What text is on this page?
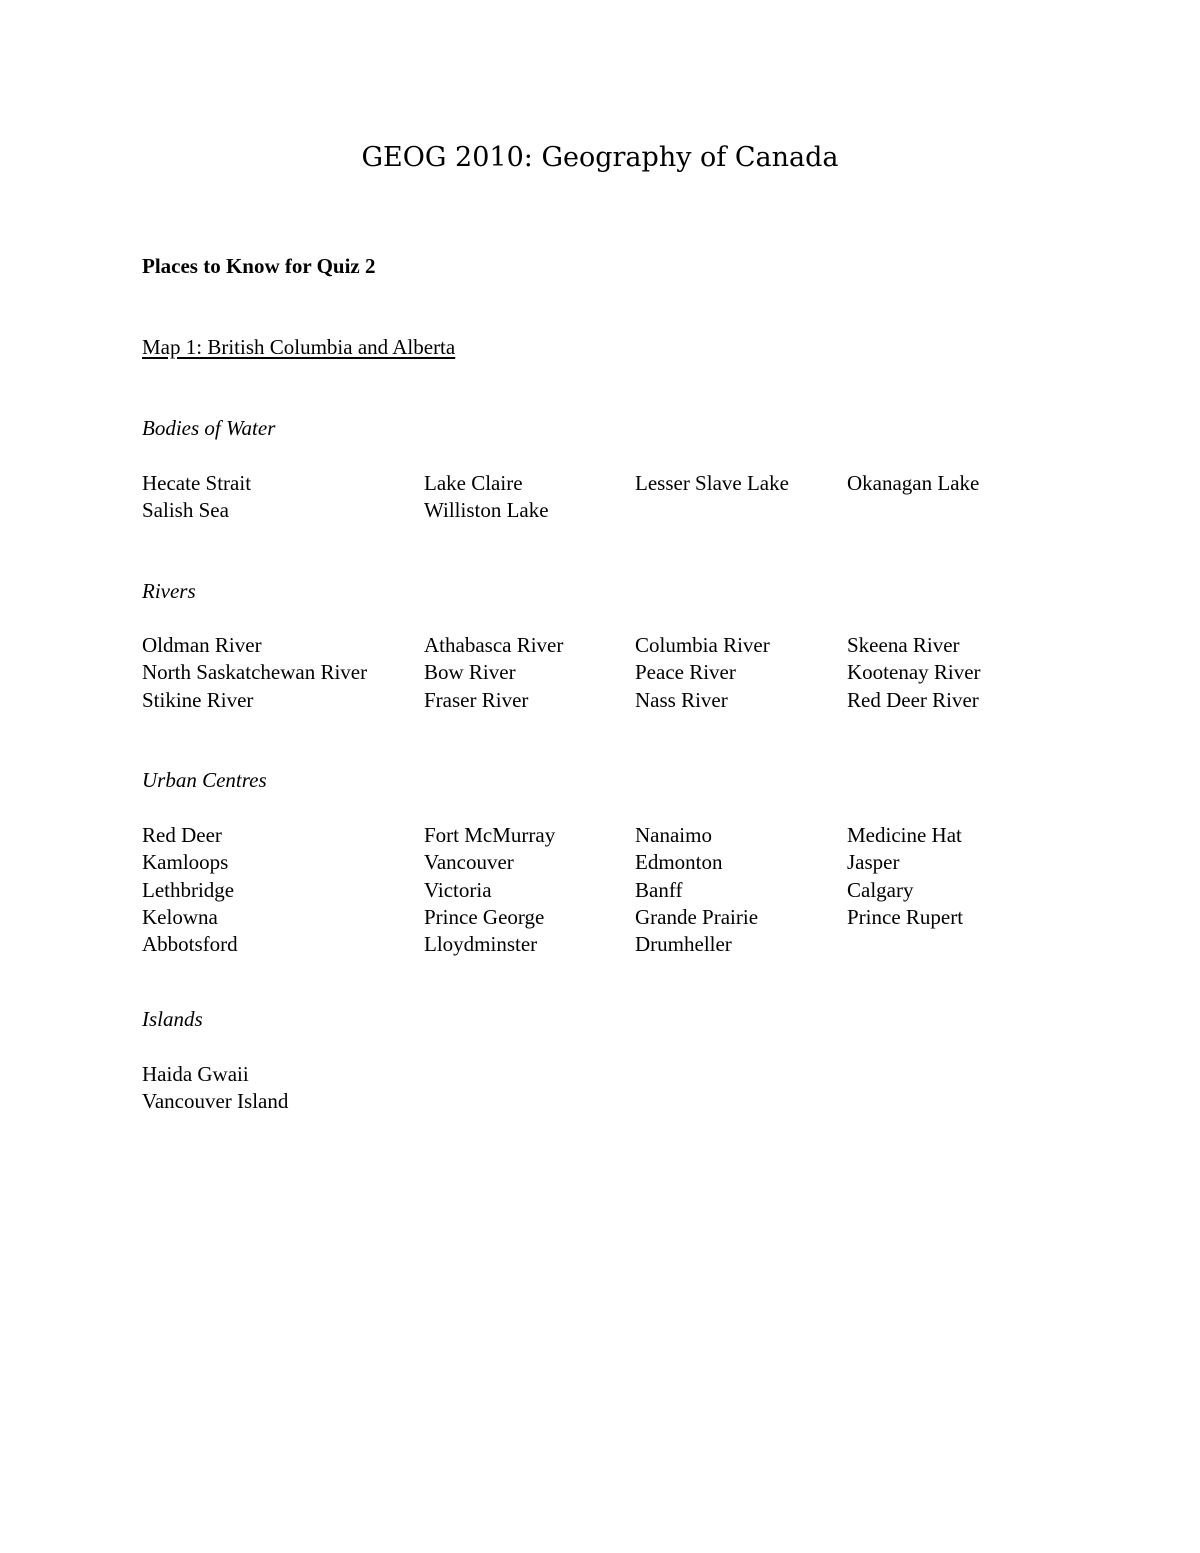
GEOG 2010: Geography of Canada
Places to Know for Quiz 2
Map 1: British Columbia and Alberta
Bodies of Water
Hecate Strait
Salish Sea
Lake Claire
Williston Lake
Lesser Slave Lake	Okanagan Lake
Rivers
Oldman River
North Saskatchewan River
Stikine River
Athabasca River
Bow River
Fraser River
Columbia River
Peace River
Nass River
Skeena River
Kootenay River
Red Deer River
Urban Centres
Red Deer
Kamloops
Lethbridge
Kelowna
Abbotsford
Fort McMurray
Vancouver
Victoria
Prince George
Lloydminster
Nanaimo
Edmonton
Banff
Grande Prairie
Drumheller
Medicine Hat
Jasper
Calgary
Prince Rupert
Islands
Haida Gwaii
Vancouver Island
